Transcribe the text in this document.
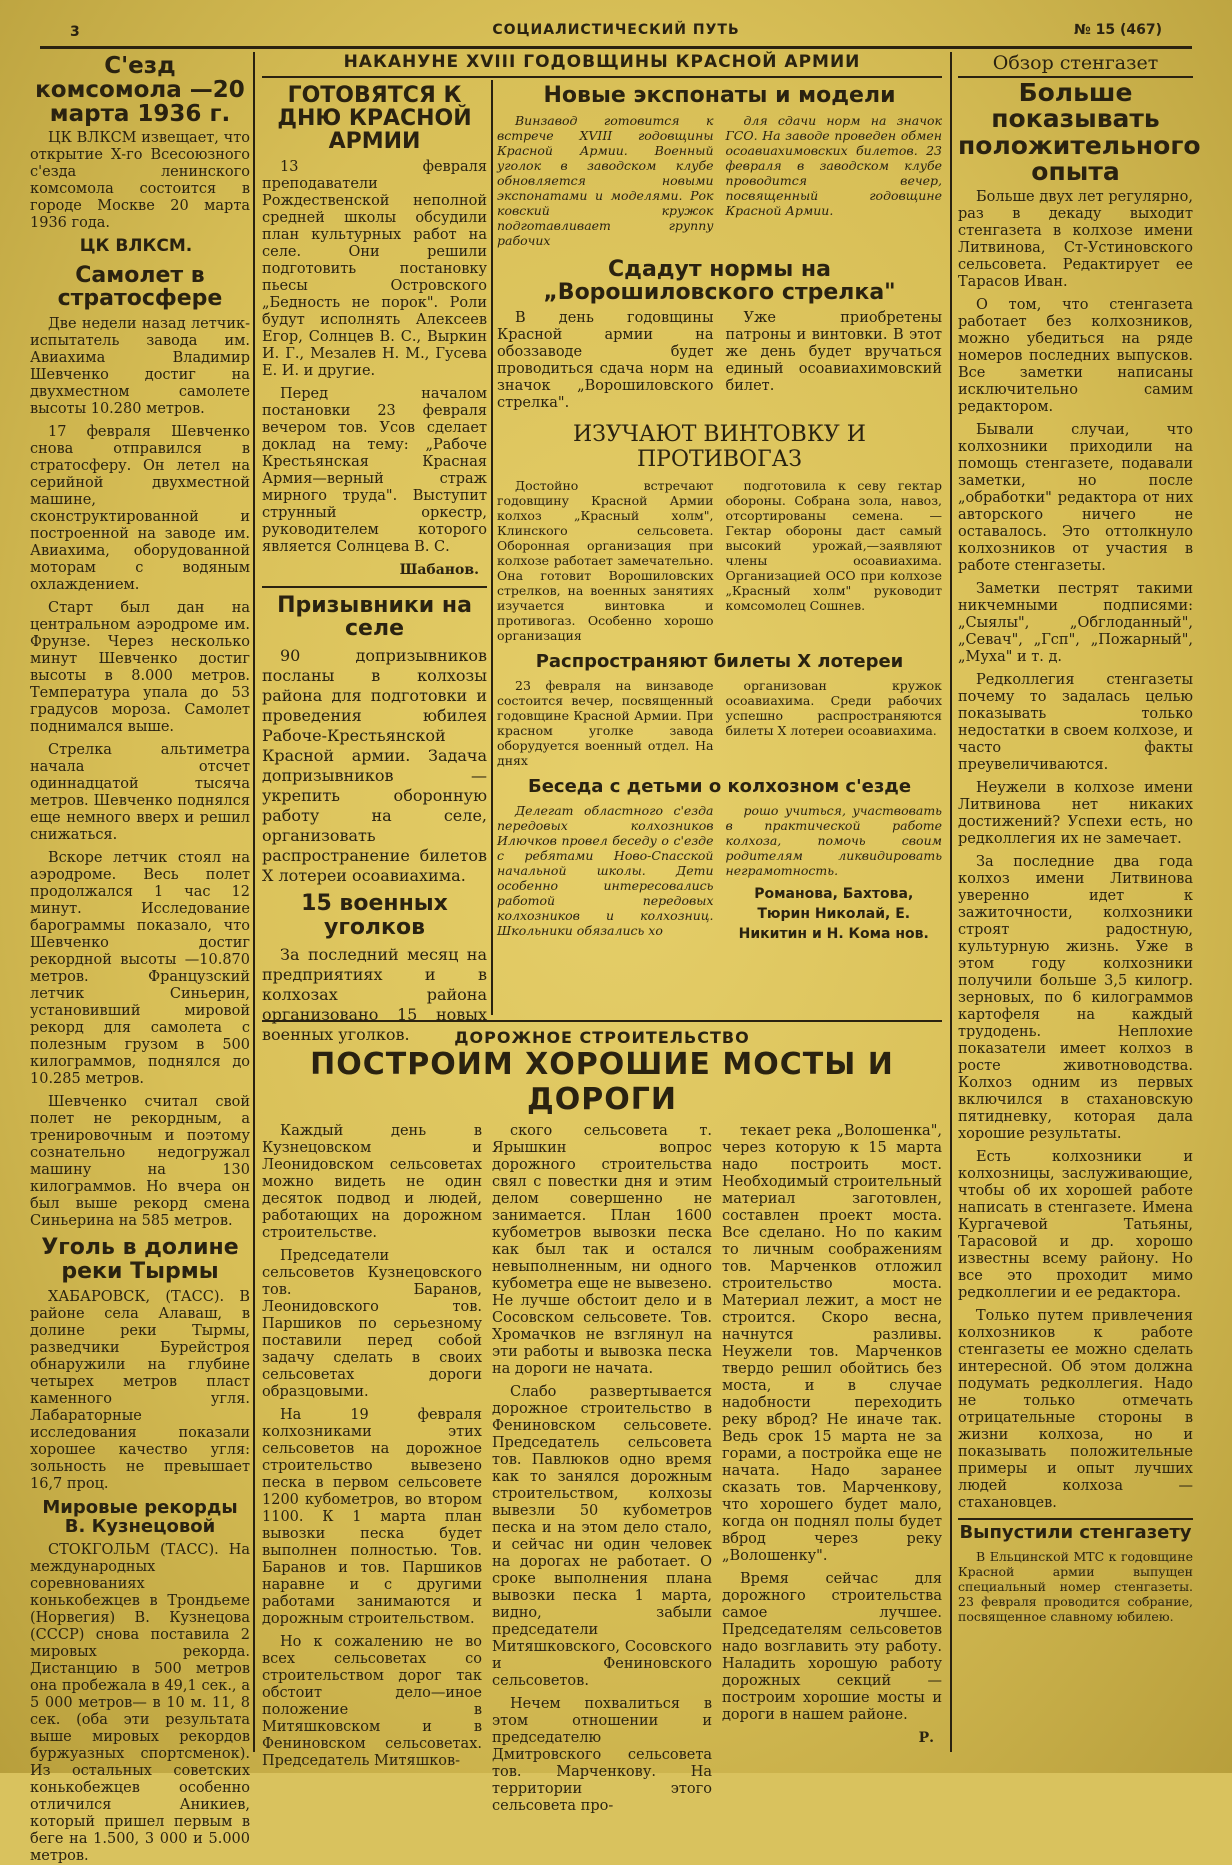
3	СОЦИАЛИСТИЧЕСКИЙ ПУТЬ	№ 15 (467)
С'езд комсомола —20 марта 1936 г.

ЦК ВЛКСМ извещает, что открытие Х-го Всесоюзного с'езда ленинского комсомола состоится в городе Москве 20 марта 1936 года.

ЦК ВЛКСМ.
Самолет в стратосфере

Две недели назад летчик-испытатель завода им. Авиахима Владимир Шевченко достиг на двухместном самолете высоты 10.280 метров.

17 февраля Шевченко снова отправился в стратосферу. Он летел на серийной двухместной машине, сконструктированной и построенной на заводе им. Авиахима, оборудованной моторам с водяным охлаждением.

Старт был дан на центральном аэродроме им. Фрунзе. Через несколько минут Шевченко достиг высоты в 8.000 метров. Температура упала до 53 градусов мороза. Самолет поднимался выше.

Стрелка альтиметра начала отсчет одиннадцатой тысяча метров. Шевченко поднялся еще немного вверх и решил снижаться.

Вскоре летчик стоял на аэродроме. Весь полет продолжался 1 час 12 минут. Исследование барограммы показало, что Шевченко достиг рекордной высоты —10.870 метров. Французский летчик Синьерин, установивший мировой рекорд для самолета с полезным грузом в 500 килограммов, поднялся до 10.285 метров.

Шевченко считал свой полет не рекордным, а тренировочным и поэтому сознательно недогружал машину на 130 килограммов. Но вчера он был выше рекорд смена Синьерина на 585 метров.

Уголь в долине реки Тырмы

ХАБАРОВСК, (ТАСС). В районе села Алаваш, в долине реки Тырмы, разведчики Бурейстроя обнаружили на глубине четырех метров пласт каменного угля. Лабараторные исследования показали хорошее качество угля: зольность не превышает 16,7 проц.

Мировые рекорды В. Кузнецовой

СТОКГОЛЬМ (ТАСС). На международных соревнованиях конькобежцев в Трондьеме (Норвегия) В. Кузнецова (СССР) снова поставила 2 мировых рекорда. Дистанцию в 500 метров она пробежала в 49,1 сек., а 5 000 метров— в 10 м. 11, 8 сек. (оба эти результата выше мировых рекордов буржуазных спортсменок). Из остальных советских конькобежцев особенно отличился Аникиев, который пришел первым в беге на 1.500, 3 000 и 5.000 метров.

НАКАНУНЕ XVIII ГОДОВЩИНЫ КРАСНОЙ АРМИИ
ГОТОВЯТСЯ К ДНЮ КРАСНОЙ АРМИИ

13 февраля преподаватели Рождественской неполной средней школы обсудили план культурных работ на селе. Они решили подготовить постановку пьесы Островского „Бедность не порок". Роли будут исполнять Алексеев Егор, Солнцев В. С., Выркин И. Г., Мезалев Н. М., Гусева Е. И. и другие.

Перед началом постановки 23 февраля вечером тов. Усов сделает доклад на тему: „Рабоче Крестьянская Красная Армия—верный страж мирного труда". Выступит струнный оркестр, руководителем которого является Солнцева В. С.

Шабанов.
Призывники на селе

90 допризывников посланы в колхозы района для подготовки и проведения юбилея Рабоче-Крестьянской Красной армии. Задача допризывников — укрепить оборонную работу на селе, организовать распространение билетов Х лотереи осоавиахима.

15 военных уголков

За последний месяц на предприятиях и в колхозах района организовано 15 новых военных уголков.

Новые экспонаты и модели

Винзавод готовится к встрече XVIII годовщины Красной Армии. Военный уголок в заводском клубе обновляется новыми экспонатами и моделями. Рок ковский кружок подготавливает группу рабочих

для сдачи норм на значок ГСО. На заводе проведен обмен осоавиахимовских билетов. 23 февраля в заводском клубе проводится вечер, посвященный годовщине Красной Армии.

Сдадут нормы на „Ворошиловского стрелка"

В день годовщины Красной армии на обоззаводе будет проводиться сдача норм на значок „Ворошиловского стрелка".

Уже приобретены патроны и винтовки. В этот же день будет вручаться единый осоавиахимовский билет.

ИЗУЧАЮТ ВИНТОВКУ И ПРОТИВОГАЗ

Достойно встречают годовщину Красной Армии колхоз „Красный холм", Клинского сельсовета. Оборонная организация при колхозе работает замечательно. Она готовит Ворошиловских стрелков, на военных занятиях изучается винтовка и противогаз. Особенно хорошо организация

подготовила к севу гектар обороны. Собрана зола, навоз, отсортированы семена. —Гектар обороны даст самый высокий урожай,—заявляют члены осоавиахима. Организацией ОСО при колхозе „Красный холм" руководит комсомолец Сошнев.

Распространяют билеты Х лотереи

23 февраля на винзаводе состоится вечер, посвященный годовщине Красной Армии. При красном уголке завода оборудуется военный отдел. На днях

организован кружок осоавиахима. Среди рабочих успешно распространяются билеты Х лотереи осоавиахима.

Беседа с детьми о колхозном с'езде

Делегат областного с'езда передовых колхозников Илючков провел беседу о с'езде с ребятами Ново-Спасской начальной школы. Дети особенно интересовались работой передовых колхозников и колхозниц. Школьники обязались хо

рошо учиться, участвовать в практической работе колхоза, помочь своим родителям ликвидировать неграмотность.

Романова, Бахтова, Тюрин Николай, Е. Никитин и Н. Кома нов.
ДОРОЖНОЕ СТРОИТЕЛЬСТВО
ПОСТРОИМ ХОРОШИЕ МОСТЫ И ДОРОГИ

Каждый день в Кузнецовском и Леонидовском сельсоветах можно видеть не один десяток подвод и людей, работающих на дорожном строительстве.

Председатели сельсоветов Кузнецовского тов. Баранов, Леонидовского тов. Паршиков по серьезному поставили перед собой задачу сделать в своих сельсоветах дороги образцовыми.

На 19 февраля колхозниками этих сельсоветов на дорожное строительство вывезено песка в первом сельсовете 1200 кубометров, во втором 1100. К 1 марта план вывозки песка будет выполнен полностью. Тов. Баранов и тов. Паршиков наравне и с другими работами занимаются и дорожным строительством.

Но к сожалению не во всех сельсоветах со строительством дорог так обстоит дело—иное положение в Митяшковском и в Фениновском сельсоветах. Председатель Митяшков-

ского сельсовета т. Ярышкин вопрос дорожного строительства свял с повестки дня и этим делом совершенно не занимается. План 1600 кубометров вывозки песка как был так и остался невыполненным, ни одного кубометра еще не вывезено. Не лучше обстоит дело и в Сосовском сельсовете. Тов. Хромачков не взглянул на эти работы и вывозка песка на дороги не начата.

Слабо развертывается дорожное строительство в Фениновском сельсовете. Председатель сельсовета тов. Павлюков одно время как то занялся дорожным строительством, колхозы вывезли 50 кубометров песка и на этом дело стало, и сейчас ни один человек на дорогах не работает. О сроке выполнения плана вывозки песка 1 марта, видно, забыли председатели Митяшковского, Сосовского и Фениновского сельсоветов.

Нечем похвалиться в этом отношении и председателю Дмитровского сельсовета тов. Марченкову. На территории этого сельсовета про-

текает река „Волошенка", через которую к 15 марта надо построить мост. Необходимый строительный материал заготовлен, составлен проект моста. Все сделано. Но по каким то личным соображениям тов. Марченков отложил строительство моста. Материал лежит, а мост не строится. Скоро весна, начнутся разливы. Неужели тов. Марченков твердо решил обойтись без моста, и в случае надобности переходить реку вброд? Не иначе так. Ведь срок 15 марта не за горами, а постройка еще не начата. Надо заранее сказать тов. Марченкову, что хорошего будет мало, когда он поднял полы будет вброд через реку „Волошенку".

Время сейчас для дорожного строительства самое лучшее. Председателям сельсоветов надо возглавить эту работу. Наладить хорошую работу дорожных секций — построим хорошие мосты и дороги в нашем районе.

Р.
Обзор стенгазет
Больше показывать положительного опыта

Больше двух лет регулярно, раз в декаду выходит стенгазета в колхозе имени Литвинова, Ст-Устиновского сельсовета. Редактирует ее Тарасов Иван.

О том, что стенгазета работает без колхозников, можно убедиться на ряде номеров последних выпусков. Все заметки написаны исключительно самим редактором.

Бывали случаи, что колхозники приходили на помощь стенгазете, подавали заметки, но после „обработки" редактора от них авторского ничего не оставалось. Это оттолкнуло колхозников от участия в работе стенгазеты.

Заметки пестрят такими никчемными подписями: „Сыялы", „Обглоданный", „Севач", „Гсп", „Пожарный", „Муха" и т. д.

Редколлегия стенгазеты почему то задалась целью показывать только недостатки в своем колхозе, и часто факты преувеличиваются.

Неужели в колхозе имени Литвинова нет никаких достижений? Успехи есть, но редколлегия их не замечает.

За последние два года колхоз имени Литвинова уверенно идет к зажиточности, колхозники строят радостную, культурную жизнь. Уже в этом году колхозники получили больше 3,5 килогр. зерновых, по 6 килограммов картофеля на каждый трудодень. Неплохие показатели имеет колхоз в росте животноводства. Колхоз одним из первых включился в стахановскую пятидневку, которая дала хорошие результаты.

Есть колхозники и колхозницы, заслуживающие, чтобы об их хорошей работе написать в стенгазете. Имена Кургачевой Татьяны, Тарасовой и др. хорошо известны всему району. Но все это проходит мимо редколлегии и ее редактора.

Только путем привлечения колхозников к работе стенгазеты ее можно сделать интересной. Об этом должна подумать редколлегия. Надо не только отмечать отрицательные стороны в жизни колхоза, но и показывать положительные примеры и опыт лучших людей колхоза — стахановцев.

Выпустили стенгазету

В Ельцинской МТС к годовщине Красной армии выпущен специальный номер стенгазеты. 23 февраля проводится собрание, посвященное славному юбилею.
